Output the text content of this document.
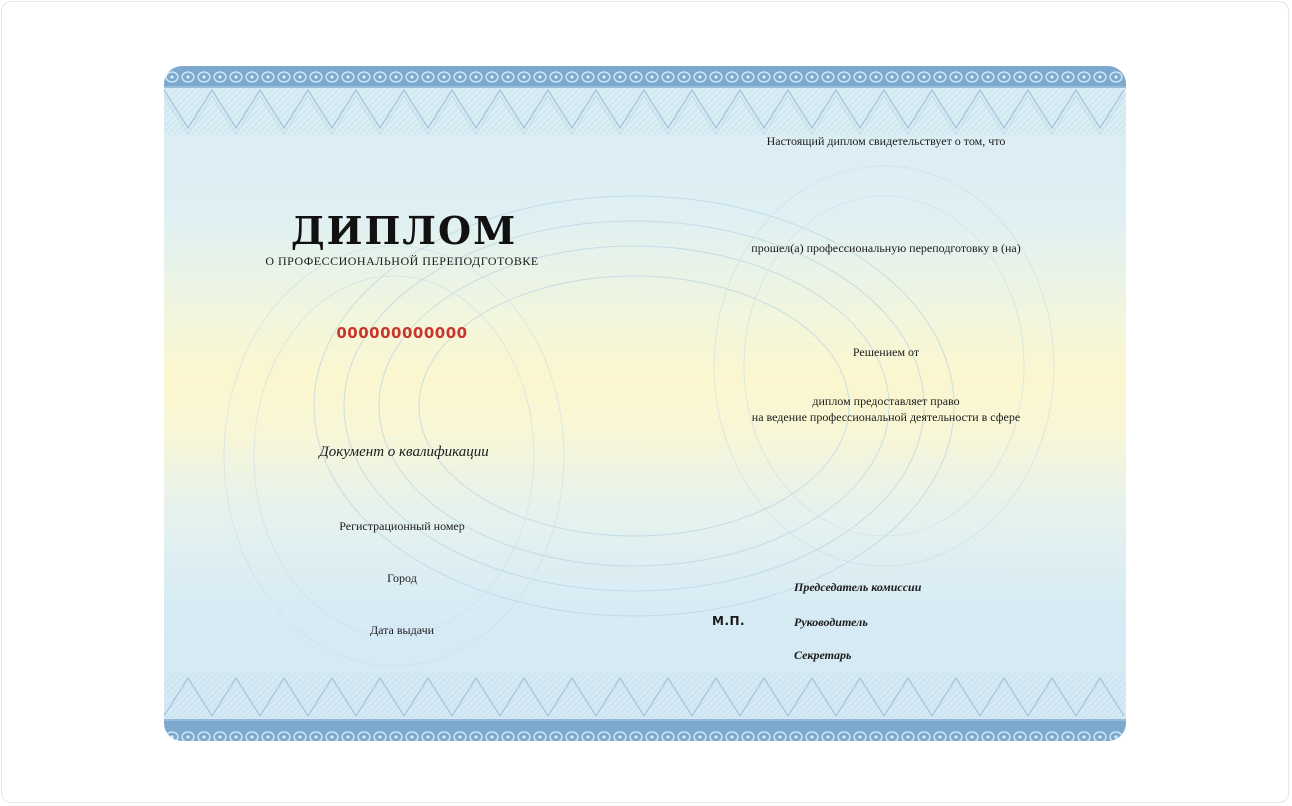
ДИПЛОМ
О ПРОФЕССИОНАЛЬНОЙ ПЕРЕПОДГОТОВКЕ
000000000000
Документ о квалификации
Регистрационный номер
Город
Дата выдачи
Настоящий диплом свидетельствует о том, что
прошел(а) профессиональную переподготовку в (на)
Решением от
диплом предоставляет право
на ведение профессиональной деятельности в сфере
М.П.
Председатель комиссии
Руководитель
Секретарь
